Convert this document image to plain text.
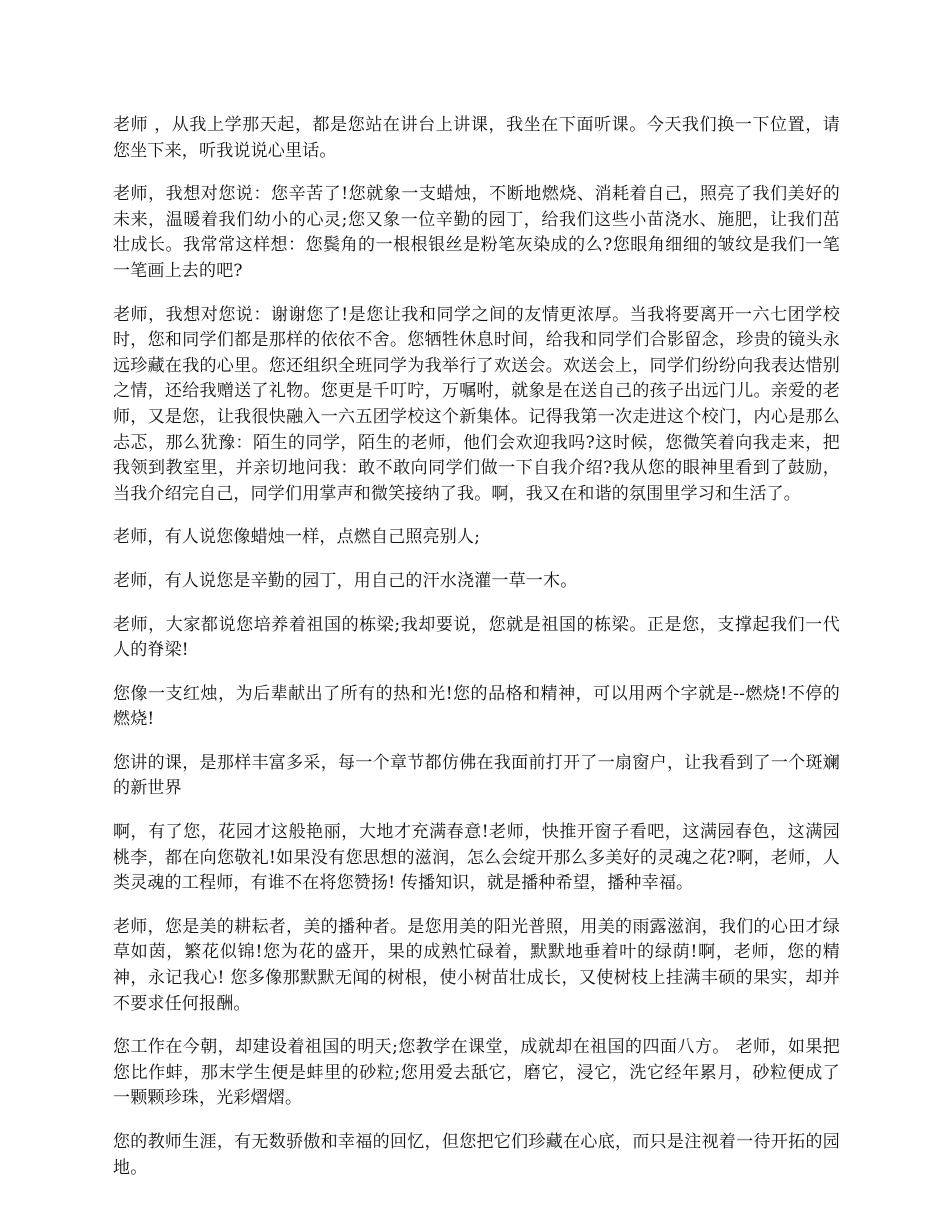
老师 ，从我上学那天起，都是您站在讲台上讲课，我坐在下面听课。今天我们换一下位置，请您坐下来，听我说说心里话。

老师，我想对您说：您辛苦了!您就象一支蜡烛，不断地燃烧、消耗着自己，照亮了我们美好的未来，温暖着我们幼小的心灵;您又象一位辛勤的园丁，给我们这些小苗浇水、施肥，让我们茁壮成长。我常常这样想：您鬓角的一根根银丝是粉笔灰染成的么?您眼角细细的皱纹是我们一笔一笔画上去的吧?

老师，我想对您说：谢谢您了!是您让我和同学之间的友情更浓厚。当我将要离开一六七团学校时，您和同学们都是那样的依依不舍。您牺牲休息时间，给我和同学们合影留念，珍贵的镜头永远珍藏在我的心里。您还组织全班同学为我举行了欢送会。欢送会上，同学们纷纷向我表达惜别之情，还给我赠送了礼物。您更是千叮咛，万嘱咐，就象是在送自己的孩子出远门儿。亲爱的老师，又是您，让我很快融入一六五团学校这个新集体。记得我第一次走进这个校门，内心是那么忐忑，那么犹豫：陌生的同学，陌生的老师，他们会欢迎我吗?这时候，您微笑着向我走来，把我领到教室里，并亲切地问我：敢不敢向同学们做一下自我介绍?我从您的眼神里看到了鼓励，当我介绍完自己，同学们用掌声和微笑接纳了我。啊，我又在和谐的氛围里学习和生活了。

老师，有人说您像蜡烛一样，点燃自己照亮别人;

老师，有人说您是辛勤的园丁，用自己的汗水浇灌一草一木。

老师，大家都说您培养着祖国的栋梁;我却要说，您就是祖国的栋梁。正是您，支撑起我们一代人的脊梁!

您像一支红烛，为后辈献出了所有的热和光!您的品格和精神，可以用两个字就是--燃烧!不停的燃烧!

您讲的课，是那样丰富多采，每一个章节都仿佛在我面前打开了一扇窗户，让我看到了一个斑斓的新世界

啊，有了您，花园才这般艳丽，大地才充满春意!老师，快推开窗子看吧，这满园春色，这满园桃李，都在向您敬礼!如果没有您思想的滋润，怎么会绽开那么多美好的灵魂之花?啊，老师，人类灵魂的工程师，有谁不在将您赞扬! 传播知识，就是播种希望，播种幸福。

老师，您是美的耕耘者，美的播种者。是您用美的阳光普照，用美的雨露滋润，我们的心田才绿草如茵，繁花似锦!您为花的盛开，果的成熟忙碌着，默默地垂着叶的绿荫!啊，老师，您的精神，永记我心! 您多像那默默无闻的树根，使小树苗壮成长，又使树枝上挂满丰硕的果实，却并不要求任何报酬。

您工作在今朝，却建设着祖国的明天;您教学在课堂，成就却在祖国的四面八方。 老师，如果把您比作蚌，那末学生便是蚌里的砂粒;您用爱去舐它，磨它，浸它，洗它经年累月，砂粒便成了一颗颗珍珠，光彩熠熠。

您的教师生涯，有无数骄傲和幸福的回忆，但您把它们珍藏在心底，而只是注视着一待开拓的园地。
